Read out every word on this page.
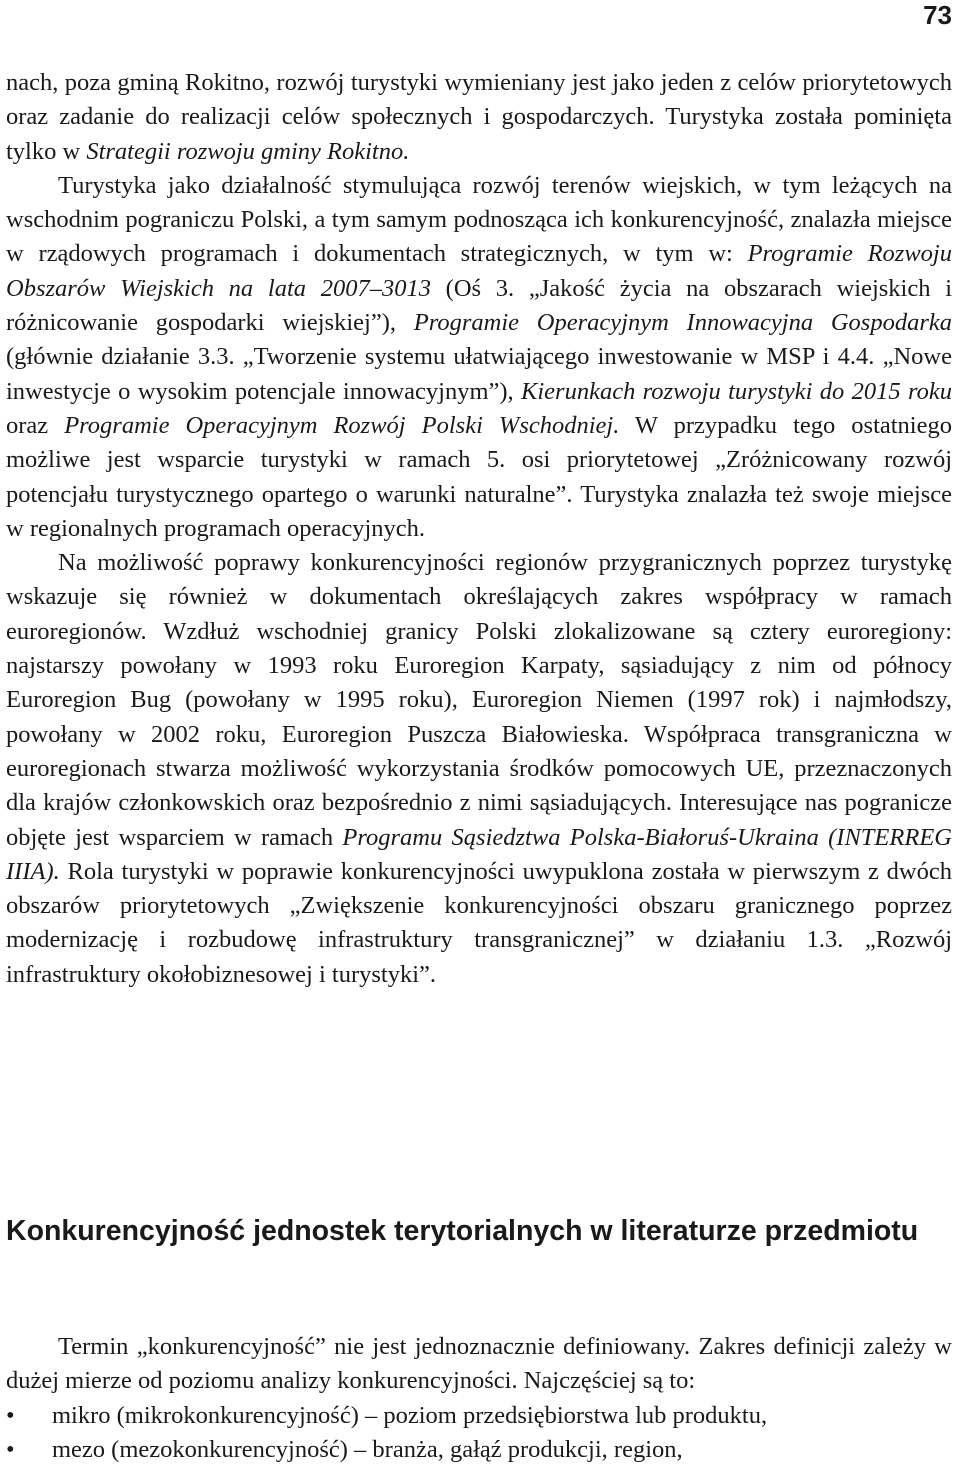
73

nach, poza gminą Rokitno, rozwój turystyki wymieniany jest jako jeden z celów priorytetowych oraz zadanie do realizacji celów społecznych i gospodarczych. Turystyka została pominięta tylko w Strategii rozwoju gminy Rokitno.

Turystyka jako działalność stymulująca rozwój terenów wiejskich, w tym leżących na wschodnim pograniczu Polski, a tym samym podnosząca ich konkurencyjność, znalazła miejsce w rządowych programach i dokumentach strategicznych, w tym w: Programie Rozwoju Obszarów Wiejskich na lata 2007–3013 (Oś 3. „Jakość życia na obszarach wiejskich i różnicowanie gospodarki wiejskiej”), Programie Operacyjnym Innowacyjna Gospodarka (głównie działanie 3.3. „Tworzenie systemu ułatwiającego inwestowanie w MSP i 4.4. „Nowe inwestycje o wysokim potencjale innowacyjnym”), Kierunkach rozwoju turystyki do 2015 roku oraz Programie Operacyjnym Rozwój Polski Wschodniej. W przypadku tego ostatniego możliwe jest wsparcie turystyki w ramach 5. osi priorytetowej „Zróżnicowany rozwój potencjału turystycznego opartego o warunki naturalne”. Turystyka znalazła też swoje miejsce w regionalnych programach operacyjnych.

Na możliwość poprawy konkurencyjności regionów przygranicznych poprzez turystykę wskazuje się również w dokumentach określających zakres współpracy w ramach euroregionów. Wzdłuż wschodniej granicy Polski zlokalizowane są cztery euroregiony: najstarszy powołany w 1993 roku Euroregion Karpaty, sąsiadujący z nim od północy Euroregion Bug (powołany w 1995 roku), Euroregion Niemen (1997 rok) i najmłodszy, powołany w 2002 roku, Euroregion Puszcza Białowieska. Współpraca transgraniczna w euroregionach stwarza możliwość wykorzystania środków pomocowych UE, przeznaczonych dla krajów członkowskich oraz bezpośrednio z nimi sąsiadujących. Interesujące nas pogranicze objęte jest wsparciem w ramach Programu Sąsiedztwa Polska-Białoruś-Ukraina (INTERREG IIIA). Rola turystyki w poprawie konkurencyjności uwypuklona została w pierwszym z dwóch obszarów priorytetowych „Zwiększenie konkurencyjności obszaru granicznego poprzez modernizację i rozbudowę infrastruktury transgranicznej” w działaniu 1.3. „Rozwój infrastruktury okołobiznesowej i turystyki”.

Konkurencyjność jednostek terytorialnych w literaturze przedmiotu

Termin „konkurencyjność” nie jest jednoznacznie definiowany. Zakres definicji zależy w dużej mierze od poziomu analizy konkurencyjności. Najczęściej są to:

• mikro (mikrokonkurencyjność) – poziom przedsiębiorstwa lub produktu,
• mezo (mezokonkurencyjność) – branża, gałąź produkcji, region,
